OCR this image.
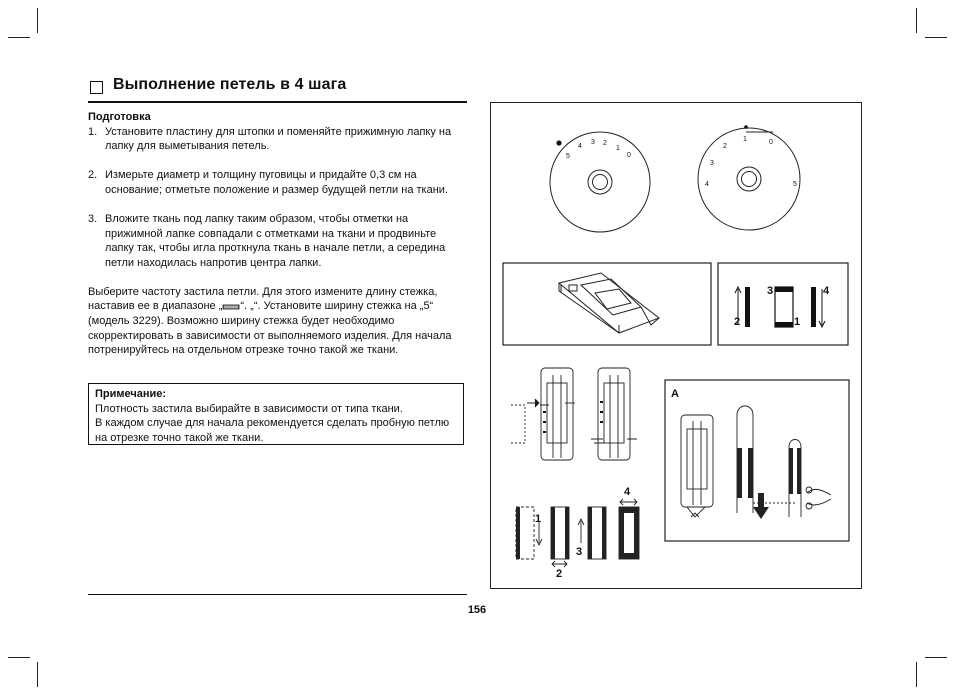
Выполнение петель в 4 шага

Подготовка

1. Установите пластину для штопки и поменяйте прижимную лапку на лапку для выметывания петель.
2. Измерьте диаметр и толщину пуговицы и придайте 0,3 см на основание; отметьте положение и размер будущей петли на ткани.
3. Вложите ткань под лапку таким образом, чтобы отметки на прижимной лапке совпадали с отметками на ткани и продвиньте лапку так, чтобы игла проткнула ткань в начале петли, а середина петли находилась напротив центра лапки.

Выберите частоту застила петли. Для этого измените длину стежка, наставив ее в диапазоне „ “. „“. Установите ширину стежка на „5“ (модель 3229). Возможно ширину стежка будет необходимо скорректировать в зависимости от выполняемого изделия. Для начала потренируйтесь на отдельном отрезке точно такой же ткани.

Примечание:
Плотность застила выбирайте в зависимости от типа ткани.
В каждом случае для начала рекомендуется сделать пробную петлю на отрезке точно такой же ткани.
156
5
4
3 2
1
0
1	0
2
3
4	5
2
3
1
4
1
2
3
4
A
